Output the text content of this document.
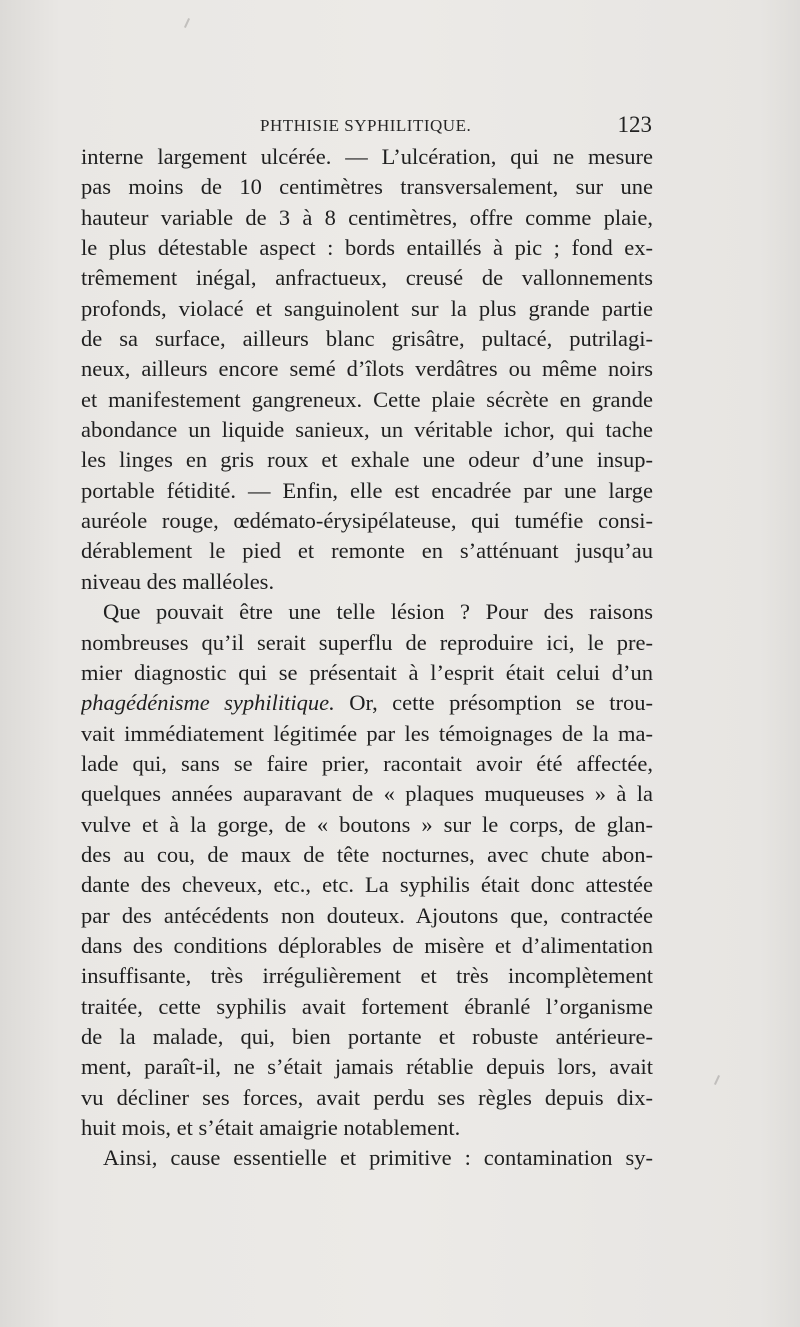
PHTHISIE SYPHILITIQUE.	123
interne largement ulcérée. — L’ulcération, qui ne mesure
pas moins de 10 centimètres transversalement, sur une
hauteur variable de 3 à 8 centimètres, offre comme plaie,
le plus détestable aspect : bords entaillés à pic ; fond ex-
trêmement inégal, anfractueux, creusé de vallonnements
profonds, violacé et sanguinolent sur la plus grande partie
de sa surface, ailleurs blanc grisâtre, pultacé, putrilagi-
neux, ailleurs encore semé d’îlots verdâtres ou même noirs
et manifestement gangreneux. Cette plaie sécrète en grande
abondance un liquide sanieux, un véritable ichor, qui tache
les linges en gris roux et exhale une odeur d’une insup-
portable fétidité. — Enfin, elle est encadrée par une large
auréole rouge, œdémato-érysipélateuse, qui tuméfie consi-
dérablement le pied et remonte en s’atténuant jusqu’au
niveau des malléoles.
Que pouvait être une telle lésion ? Pour des raisons
nombreuses qu’il serait superflu de reproduire ici, le pre-
mier diagnostic qui se présentait à l’esprit était celui d’un
phagédénisme syphilitique. Or, cette présomption se trou-
vait immédiatement légitimée par les témoignages de la ma-
lade qui, sans se faire prier, racontait avoir été affectée,
quelques années auparavant de « plaques muqueuses » à la
vulve et à la gorge, de « boutons » sur le corps, de glan-
des au cou, de maux de tête nocturnes, avec chute abon-
dante des cheveux, etc., etc. La syphilis était donc attestée
par des antécédents non douteux. Ajoutons que, contractée
dans des conditions déplorables de misère et d’alimentation
insuffisante, très irrégulièrement et très incomplètement
traitée, cette syphilis avait fortement ébranlé l’organisme
de la malade, qui, bien portante et robuste antérieure-
ment, paraît-il, ne s’était jamais rétablie depuis lors, avait
vu décliner ses forces, avait perdu ses règles depuis dix-
huit mois, et s’était amaigrie notablement.
Ainsi, cause essentielle et primitive : contamination sy-
